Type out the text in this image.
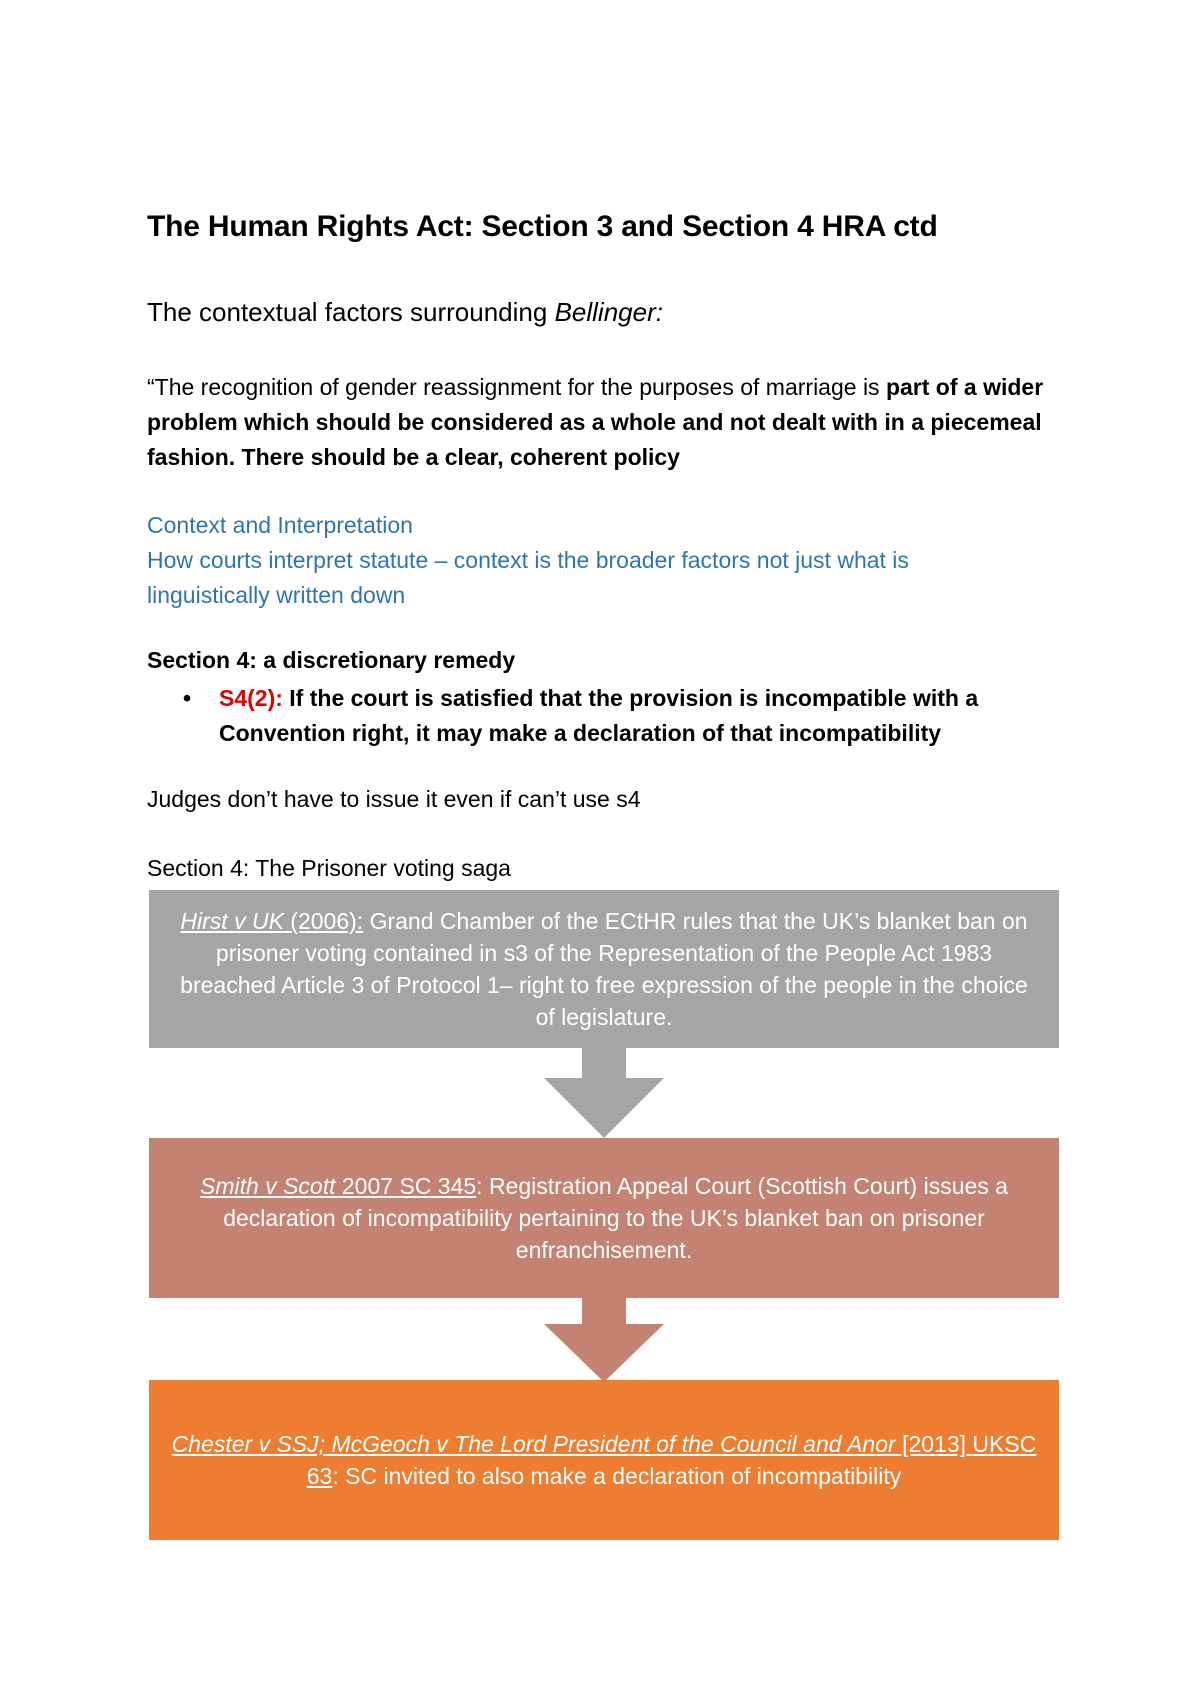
The Human Rights Act: Section 3 and Section 4 HRA ctd
The contextual factors surrounding Bellinger:
“The recognition of gender reassignment for the purposes of marriage is part of a wider problem which should be considered as a whole and not dealt with in a piecemeal fashion. There should be a clear, coherent policy
Context and Interpretation
How courts interpret statute – context is the broader factors not just what is
linguistically written down
Section 4: a discretionary remedy
• S4(2): If the court is satisfied that the provision is incompatible with a Convention right, it may make a declaration of that incompatibility
Judges don’t have to issue it even if can’t use s4
Section 4: The Prisoner voting saga
Hirst v UK (2006): Grand Chamber of the ECtHR rules that the UK’s blanket ban on prisoner voting contained in s3 of the Representation of the People Act 1983 breached Article 3 of Protocol 1– right to free expression of the people in the choice of legislature.
Smith v Scott 2007 SC 345: Registration Appeal Court (Scottish Court) issues a declaration of incompatibility pertaining to the UK’s blanket ban on prisoner enfranchisement.
Chester v SSJ; McGeoch v The Lord President of the Council and Anor [2013] UKSC 63: SC invited to also make a declaration of incompatibility
